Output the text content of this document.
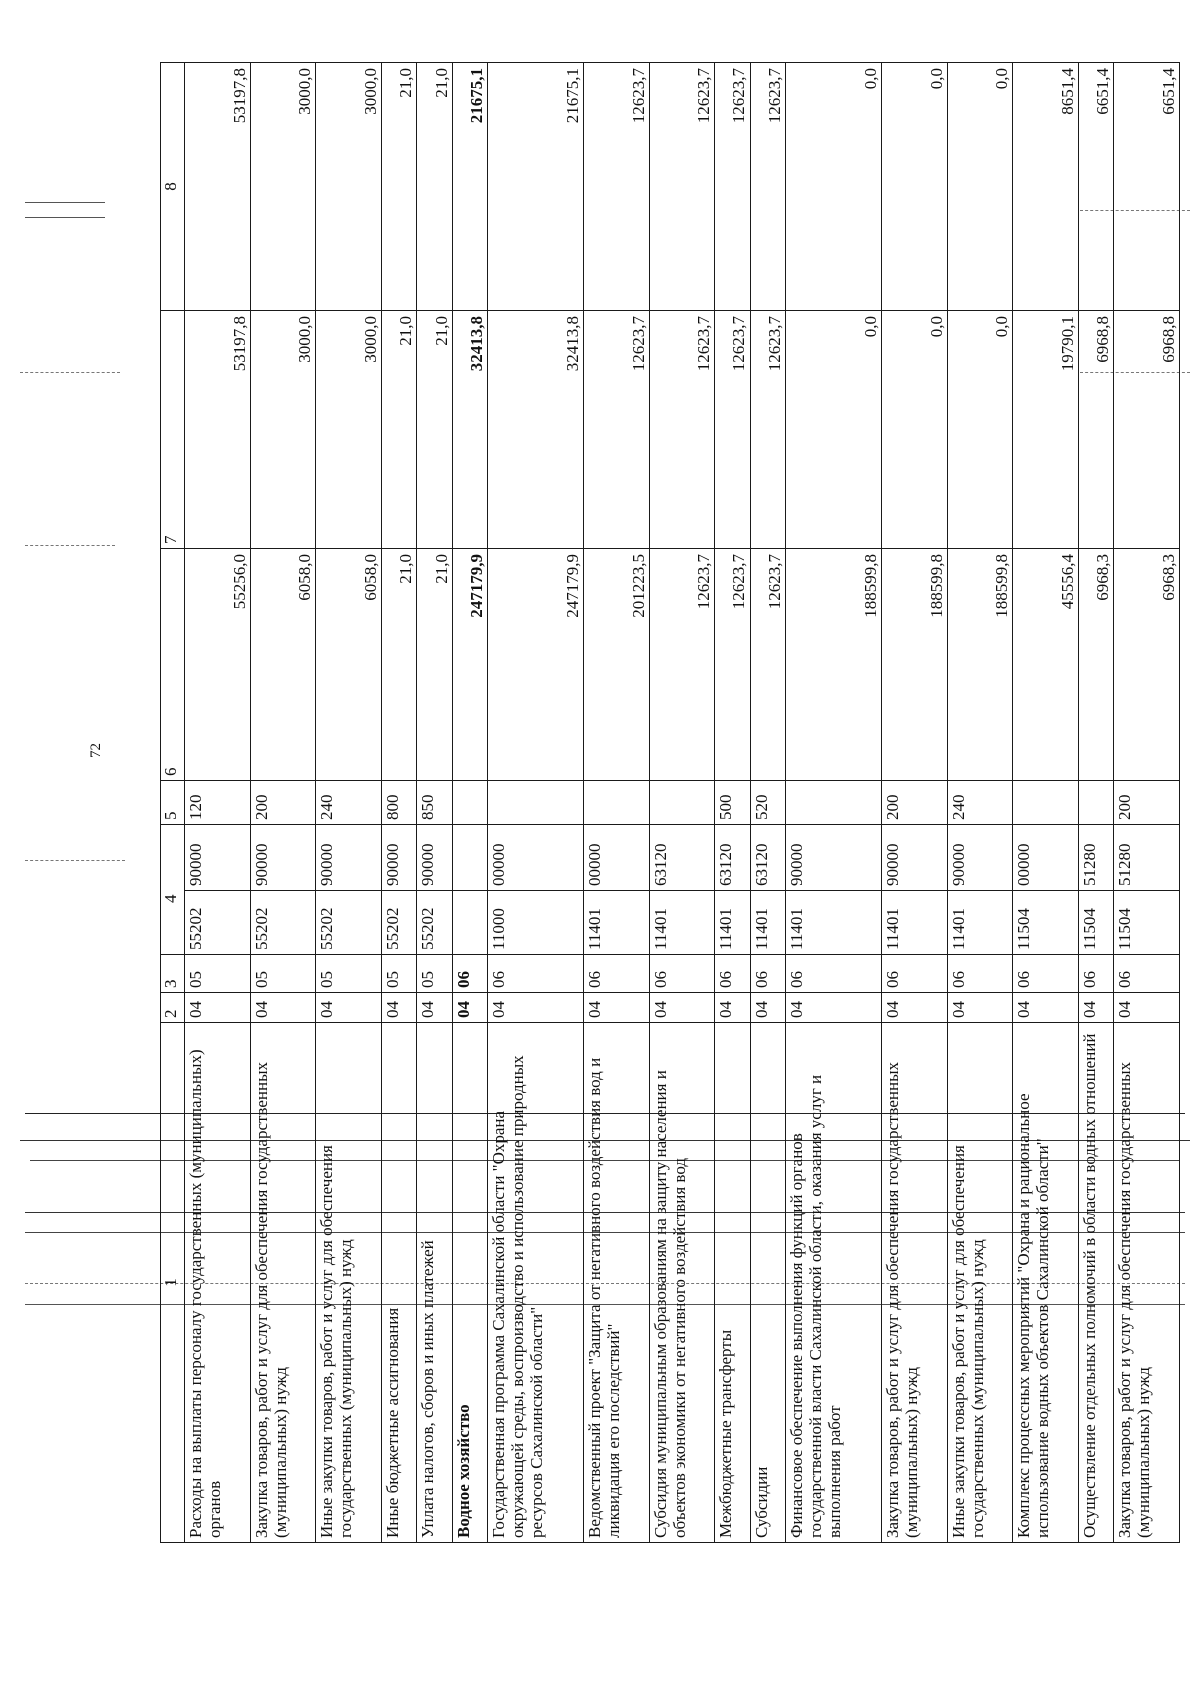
72
1	2	3	4		5	6	7	8
Расходы на выплаты персоналу государственных (муниципальных) органов	04	05	55202	90000	120	55256,0	53197,8	53197,8
Закупка товаров, работ и услуг для обеспечения государственных (муниципальных) нужд	04	05	55202	90000	200	6058,0	3000,0	3000,0
Иные закупки товаров, работ и услуг для обеспечения государственных (муниципальных) нужд	04	05	55202	90000	240	6058,0	3000,0	3000,0
Иные бюджетные ассигнования	04	05	55202	90000	800	21,0	21,0	21,0
Уплата налогов, сборов и иных платежей	04	05	55202	90000	850	21,0	21,0	21,0
Водное хозяйство	04	06				247179,9	32413,8	21675,1
Государственная программа Сахалинской области "Охрана окружающей среды, воспроизводство и использование природных ресурсов Сахалинской области"	04	06	11000	00000		247179,9	32413,8	21675,1
Ведомственный проект "Защита от негативного воздействия вод и ликвидация его последствий"	04	06	11401	00000		201223,5	12623,7	12623,7
Субсидия муниципальным образованиям на защиту населения и объектов экономики от негативного воздействия вод	04	06	11401	63120		12623,7	12623,7	12623,7
Межбюджетные трансферты	04	06	11401	63120	500	12623,7	12623,7	12623,7
Субсидии	04	06	11401	63120	520	12623,7	12623,7	12623,7
Финансовое обеспечение выполнения функций органов государственной власти Сахалинской области, оказания услуг и выполнения работ	04	06	11401	90000		188599,8	0,0	0,0
Закупка товаров, работ и услуг для обеспечения государственных (муниципальных) нужд	04	06	11401	90000	200	188599,8	0,0	0,0
Иные закупки товаров, работ и услуг для обеспечения государственных (муниципальных) нужд	04	06	11401	90000	240	188599,8	0,0	0,0
Комплекс процессных мероприятий "Охрана и рациональное использование водных объектов Сахалинской области"	04	06	11504	00000		45556,4	19790,1	8651,4
Осуществление отдельных полномочий в области водных отношений	04	06	11504	51280		6968,3	6968,8	6651,4
Закупка товаров, работ и услуг для обеспечения государственных (муниципальных) нужд	04	06	11504	51280	200	6968,3	6968,8	6651,4
